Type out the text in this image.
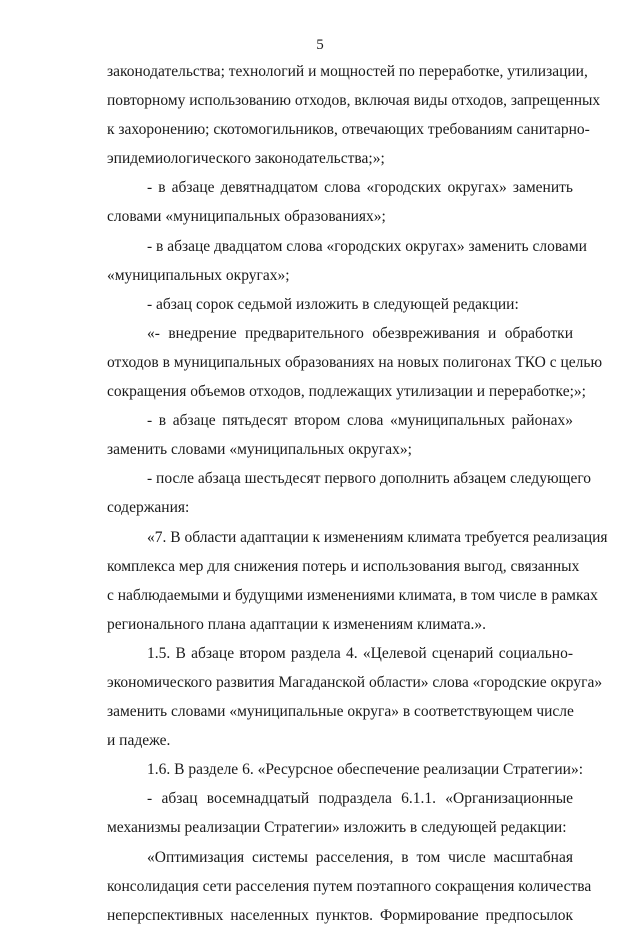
5

законодательства; технологий и мощностей по переработке, утилизации,
повторному использованию отходов, включая виды отходов, запрещенных
к захоронению; скотомогильников, отвечающих требованиям санитарно-
эпидемиологического законодательства;»;

- в абзаце девятнадцатом слова «городских округах» заменить
словами «муниципальных образованиях»;

- в абзаце двадцатом слова «городских округах» заменить словами
«муниципальных округах»;

- абзац сорок седьмой изложить в следующей редакции:

«- внедрение предварительного обезвреживания и обработки
отходов в муниципальных образованиях на новых полигонах ТКО с целью
сокращения объемов отходов, подлежащих утилизации и переработке;»;

- в абзаце пятьдесят втором слова «муниципальных районах»
заменить словами «муниципальных округах»;

- после абзаца шестьдесят первого дополнить абзацем следующего
содержания:

«7. В области адаптации к изменениям климата требуется реализация
комплекса мер для снижения потерь и использования выгод, связанных
с наблюдаемыми и будущими изменениями климата, в том числе в рамках
регионального плана адаптации к изменениям климата.».

1.5. В абзаце втором раздела 4. «Целевой сценарий социально-
экономического развития Магаданской области» слова «городские округа»
заменить словами «муниципальные округа» в соответствующем числе
и падеже.

1.6. В разделе 6. «Ресурсное обеспечение реализации Стратегии»:

- абзац восемнадцатый подраздела 6.1.1. «Организационные
механизмы реализации Стратегии» изложить в следующей редакции:

«Оптимизация системы расселения, в том числе масштабная
консолидация сети расселения путем поэтапного сокращения количества
неперспективных населенных пунктов. Формирование предпосылок
